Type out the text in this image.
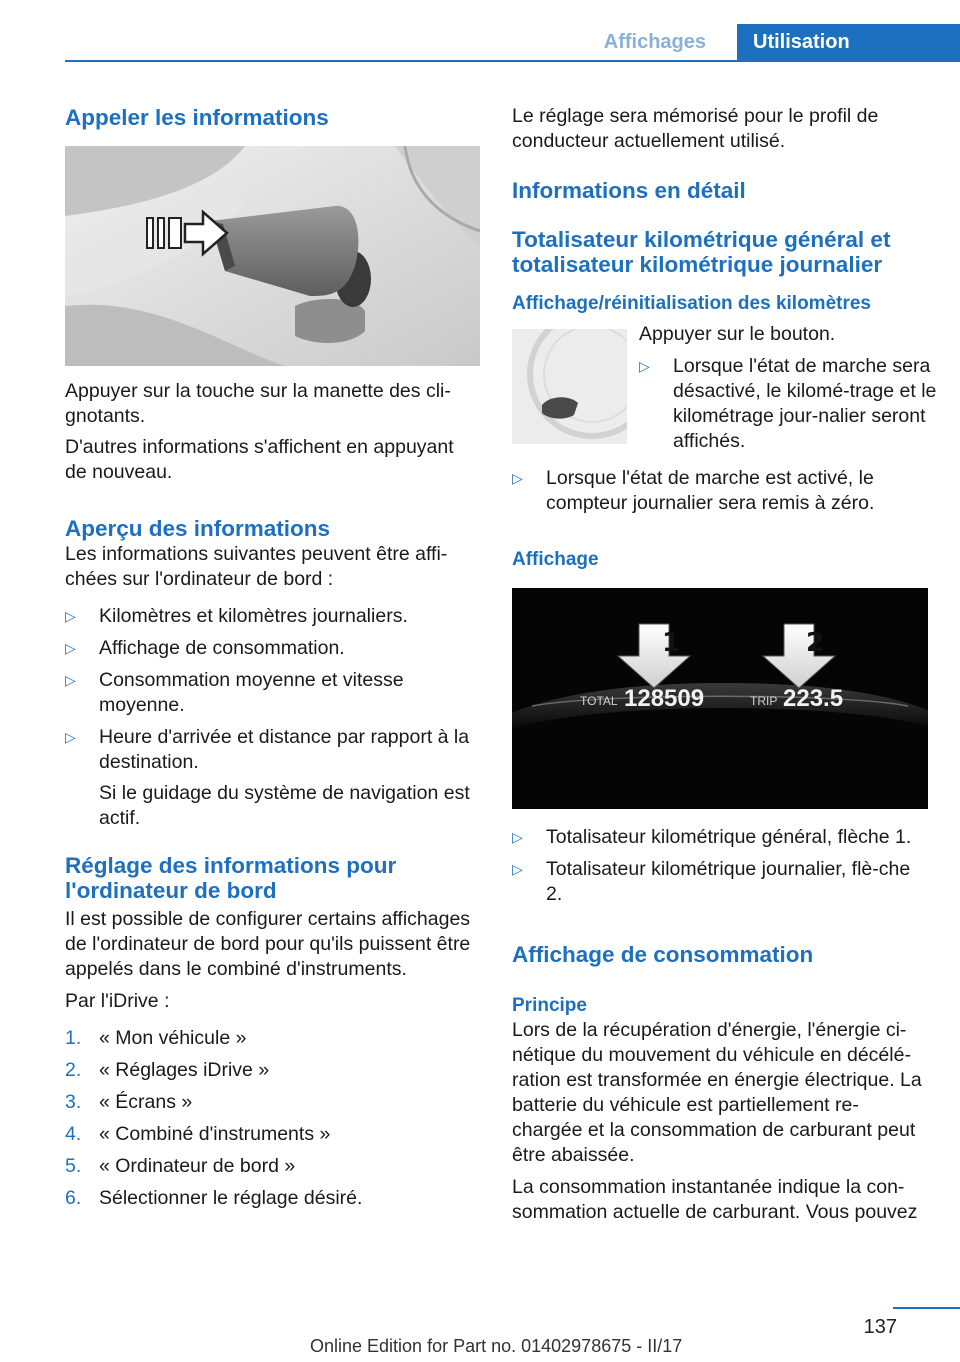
Affichages	Utilisation
Appeler les informations

Appuyer sur la touche sur la manette des cli-gnotants.

D'autres informations s'affichent en appuyant de nouveau.

Aperçu des informations

Les informations suivantes peuvent être affi-chées sur l'ordinateur de bord :

▷ Kilomètres et kilomètres journaliers.
▷ Affichage de consommation.
▷ Consommation moyenne et vitesse moyenne.
▷ Heure d'arrivée et distance par rapport à la destination.

Si le guidage du système de navigation est actif.

Réglage des informations pour l'ordinateur de bord

Il est possible de configurer certains affichages de l'ordinateur de bord pour qu'ils puissent être appelés dans le combiné d'instruments.

Par l'iDrive :

1. « Mon véhicule »
2. « Réglages iDrive »
3. « Écrans »
4. « Combiné d'instruments »
5. « Ordinateur de bord »
6. Sélectionner le réglage désiré.

Le réglage sera mémorisé pour le profil de conducteur actuellement utilisé.

Informations en détail
Totalisateur kilométrique général et totalisateur kilométrique journalier
Affichage/réinitialisation des kilomètres

Appuyer sur le bouton.

▷ Lorsque l'état de marche sera désactivé, le kilomé-trage et le kilométrage jour-nalier seront affichés.
▷ Lorsque l'état de marche est activé, le compteur journalier sera remis à zéro.
Affichage
1	2
TOTAL 128509	TRIP 223.5
▷ Totalisateur kilométrique général, flèche 1.
▷ Totalisateur kilométrique journalier, flè-che 2.
Affichage de consommation
Principe

Lors de la récupération d'énergie, l'énergie ci-nétique du mouvement du véhicule en décélé-ration est transformée en énergie électrique. La batterie du véhicule est partiellement re-chargée et la consommation de carburant peut être abaissée.

La consommation instantanée indique la con-sommation actuelle de carburant. Vous pouvez

137
Online Edition for Part no. 01402978675 - II/17
